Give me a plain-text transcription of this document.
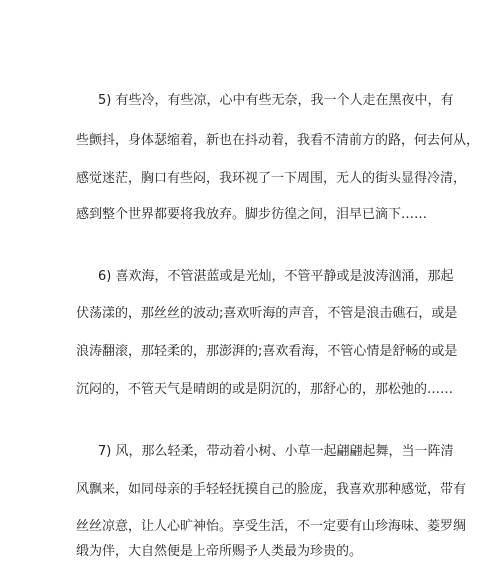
5) 有些冷，有些凉，心中有些无奈，我一个人走在黑夜中，有
些颤抖，身体瑟缩着，新也在抖动着，我看不清前方的路，何去何从，
感觉迷茫，胸口有些闷，我环视了一下周围，无人的街头显得冷清，
感到整个世界都要将我放弃。脚步彷徨之间，泪早已滴下……
6) 喜欢海，不管湛蓝或是光灿，不管平静或是波涛汹涌，那起
伏荡漾的，那丝丝的波动;喜欢听海的声音，不管是浪击礁石，或是
浪涛翻滚，那轻柔的，那澎湃的;喜欢看海，不管心情是舒畅的或是
沉闷的，不管天气是晴朗的或是阴沉的，那舒心的，那松弛的……
7) 风，那么轻柔，带动着小树、小草一起翩翩起舞，当一阵清
风飘来，如同母亲的手轻轻抚摸自己的脸庞，我喜欢那种感觉，带有
丝丝凉意，让人心旷神怡。享受生活，不一定要有山珍海味、菱罗绸
缎为伴，大自然便是上帝所赐予人类最为珍贵的。
